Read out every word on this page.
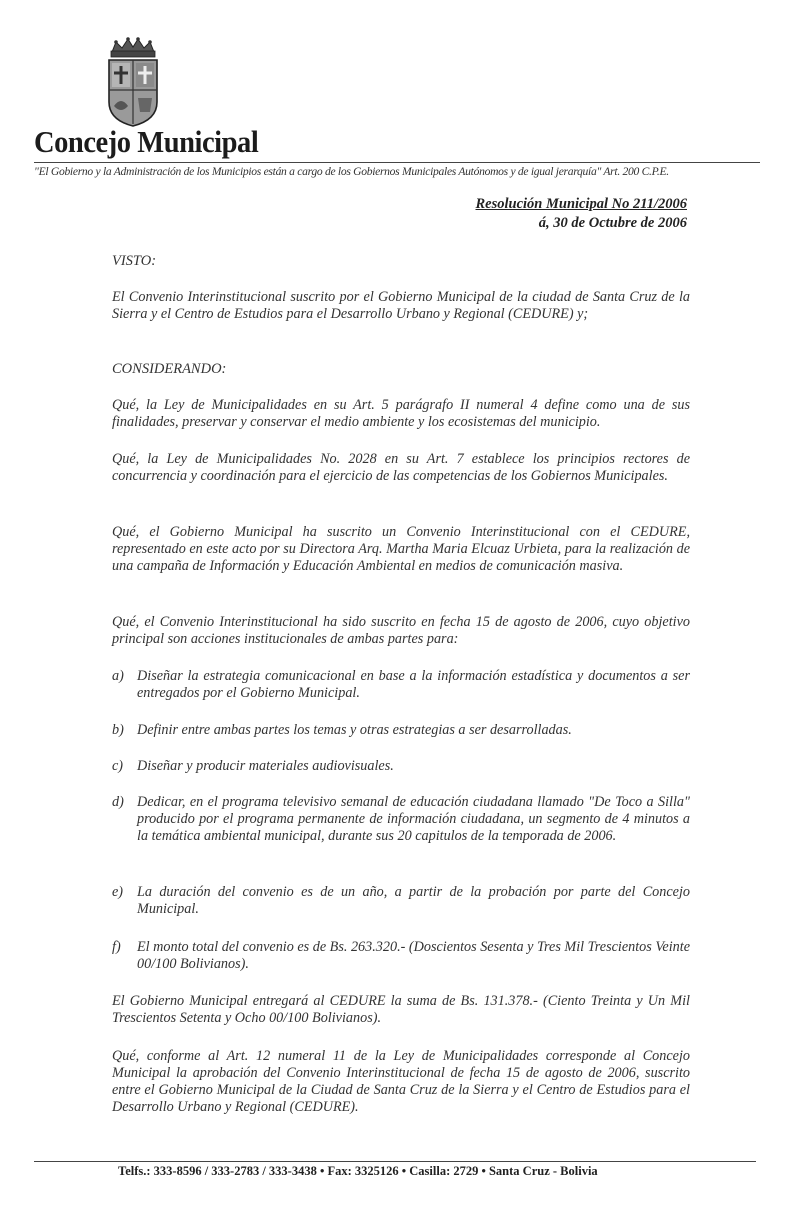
Concejo Municipal
"El Gobierno y la Administración de los Municipios están a cargo de los Gobiernos Municipales Autónomos y de igual jerarquía" Art. 200 C.P.E.
Resolución Municipal No 211/2006
á, 30 de Octubre de 2006
VISTO:
El Convenio Interinstitucional suscrito por el Gobierno Municipal de la ciudad de Santa Cruz de la Sierra y el Centro de Estudios para el Desarrollo Urbano y Regional (CEDURE) y;
CONSIDERANDO:
Qué, la Ley de Municipalidades en su Art. 5 parágrafo II numeral 4 define como una de sus finalidades, preservar y conservar el medio ambiente y los ecosistemas del municipio.
Qué, la Ley de Municipalidades No. 2028 en su Art. 7 establece los principios rectores de concurrencia y coordinación para el ejercicio de las competencias de los Gobiernos Municipales.
Qué, el Gobierno Municipal ha suscrito un Convenio Interinstitucional con el CEDURE, representado en este acto por su Directora Arq. Martha Maria Elcuaz Urbieta, para la realización de una campaña de Información y Educación Ambiental en medios de comunicación masiva.
Qué, el Convenio Interinstitucional ha sido suscrito en fecha 15 de agosto de 2006, cuyo objetivo principal son acciones institucionales de ambas partes para:
a) Diseñar la estrategia comunicacional en base a la información estadística y documentos a ser entregados por el Gobierno Municipal.
b) Definir entre ambas partes los temas y otras estrategias a ser desarrolladas.
c) Diseñar y producir materiales audiovisuales.
d) Dedicar, en el programa televisivo semanal de educación ciudadana llamado "De Toco a Silla" producido por el programa permanente de información ciudadana, un segmento de 4 minutos a la temática ambiental municipal, durante sus 20 capitulos de la temporada de 2006.
e) La duración del convenio es de un año, a partir de la probación por parte del Concejo Municipal.
f) El monto total del convenio es de Bs. 263.320.- (Doscientos Sesenta y Tres Mil Trescientos Veinte 00/100 Bolivianos).
El Gobierno Municipal entregará al CEDURE la suma de Bs. 131.378.- (Ciento Treinta y Un Mil Trescientos Setenta y Ocho 00/100 Bolivianos).
Qué, conforme al Art. 12 numeral 11 de la Ley de Municipalidades corresponde al Concejo Municipal la aprobación del Convenio Interinstitucional de fecha 15 de agosto de 2006, suscrito entre el Gobierno Municipal de la Ciudad de Santa Cruz de la Sierra y el Centro de Estudios para el Desarrollo Urbano y Regional (CEDURE).
Telfs.: 333-8596 / 333-2783 / 333-3438 • Fax: 3325126 • Casilla: 2729 • Santa Cruz - Bolivia
